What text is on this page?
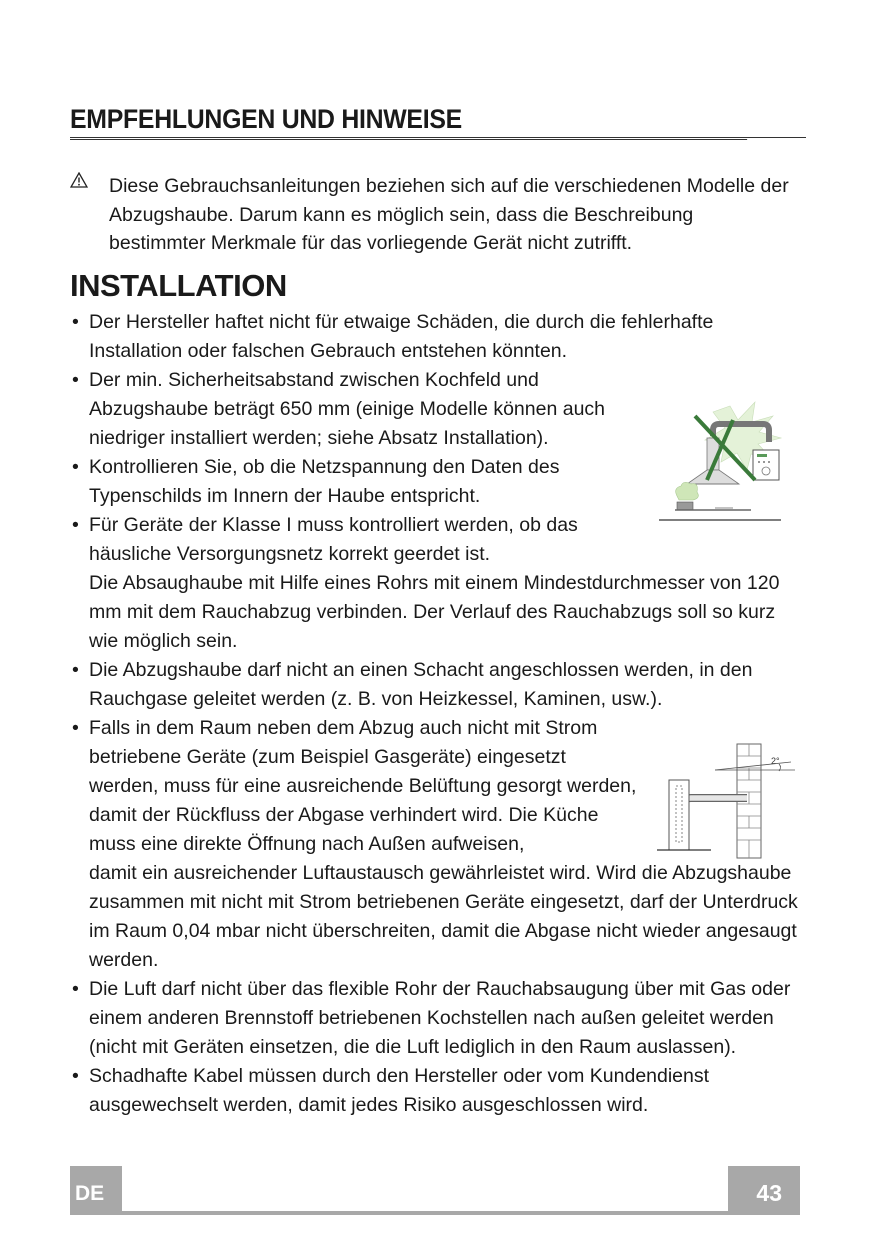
EMPFEHLUNGEN UND HINWEISE
Diese Gebrauchsanleitungen beziehen sich auf die verschiedenen Modelle der Abzugshaube. Darum kann es möglich sein, dass die Beschreibung bestimmter Merkmale für das vorliegende Gerät nicht zutrifft.
INSTALLATION
• Der Hersteller haftet nicht für etwaige Schäden, die durch die fehlerhafte Installation oder falschen Gebrauch entstehen könnten.
• Der min. Sicherheitsabstand zwischen Kochfeld und Abzugshaube beträgt 650 mm (einige Modelle können auch niedriger installiert werden; siehe Absatz Installation).
• Kontrollieren Sie, ob die Netzspannung den Daten des Typenschilds im Innern der Haube entspricht.
• Für Geräte der Klasse I muss kontrolliert werden, ob das häusliche Versorgungsnetz korrekt geerdet ist.
Die Absaughaube mit Hilfe eines Rohrs mit einem Mindestdurchmesser von 120 mm mit dem Rauchabzug verbinden. Der Verlauf des Rauchabzugs soll so kurz wie möglich sein.
• Die Abzugshaube darf nicht an einen Schacht angeschlossen werden, in den Rauchgase geleitet werden (z. B. von Heizkessel, Kaminen, usw.).
• Falls in dem Raum neben dem Abzug auch nicht mit Strom betriebene Geräte (zum Beispiel Gasgeräte) eingesetzt werden, muss für eine ausreichende Belüftung gesorgt werden, damit der Rückfluss der Abgase verhindert wird. Die Küche muss eine direkte Öffnung nach Außen aufweisen,
damit ein ausreichender Luftaustausch gewährleistet wird. Wird die Abzugshaube zusammen mit nicht mit Strom betriebenen Geräte eingesetzt, darf der Unterdruck im Raum 0,04 mbar nicht überschreiten, damit die Abgase nicht wieder angesaugt werden.
• Die Luft darf nicht über das flexible Rohr der Rauchabsaugung über mit Gas oder einem anderen Brennstoff betriebenen Kochstellen nach außen geleitet werden (nicht mit Geräten einsetzen, die die Luft lediglich in den Raum auslassen).
• Schadhafte Kabel müssen durch den Hersteller oder vom Kundendienst ausgewechselt werden, damit jedes Risiko ausgeschlossen wird.
2°
DE	43
